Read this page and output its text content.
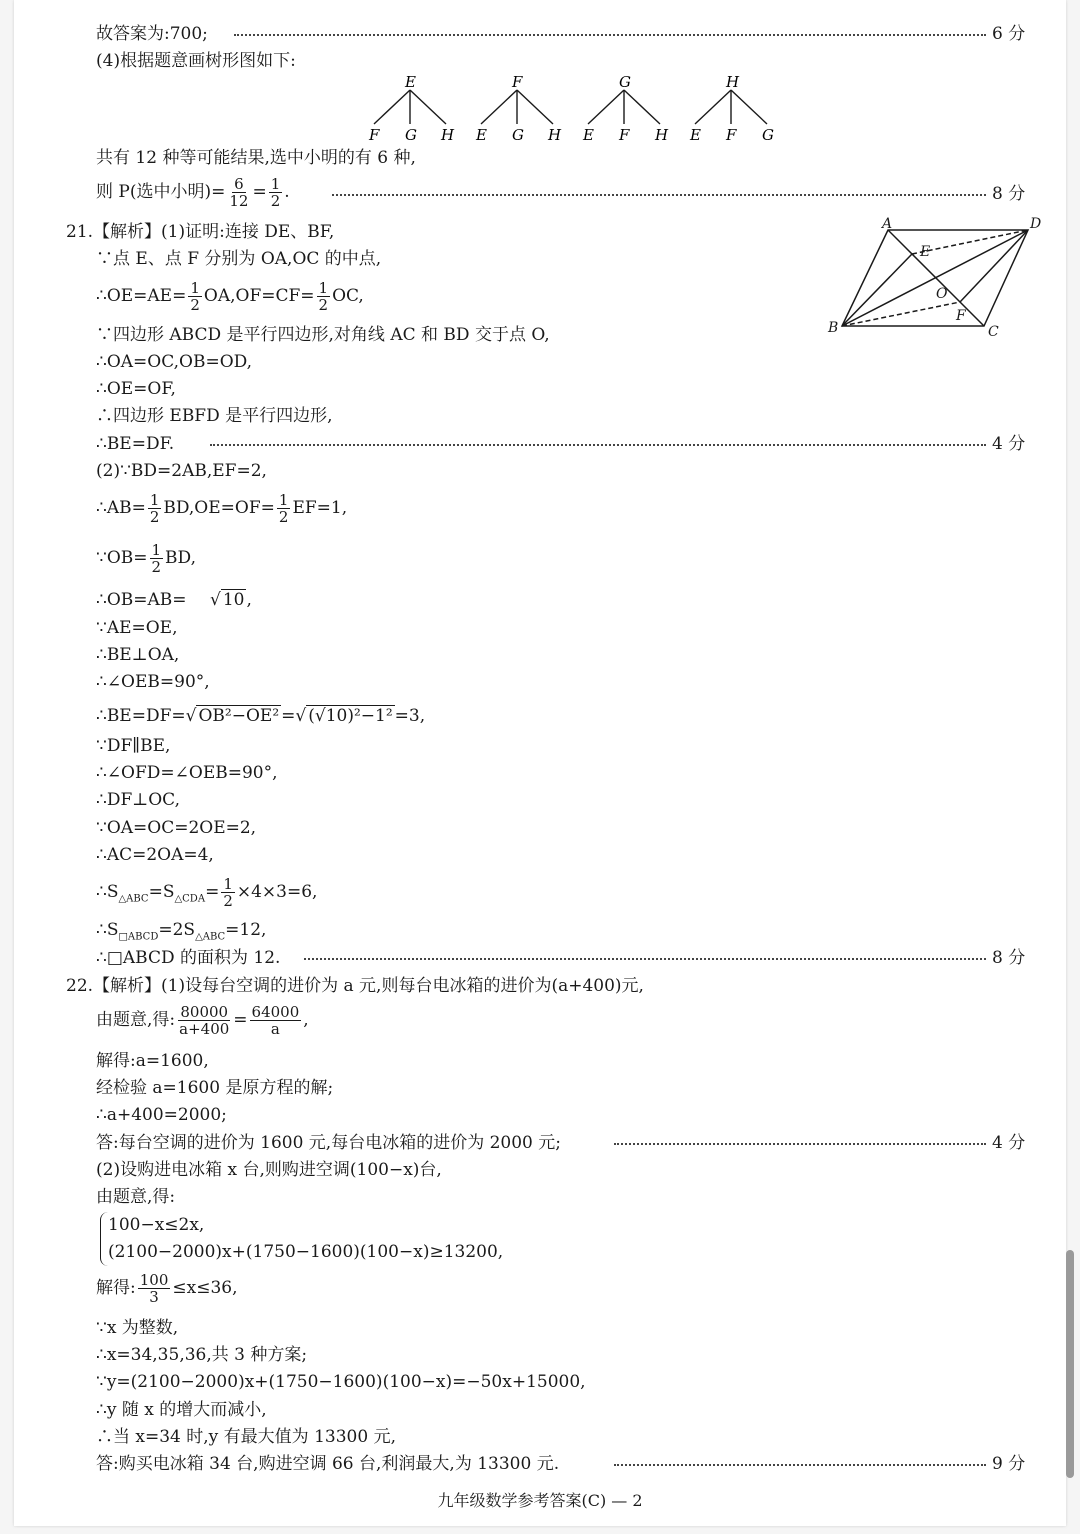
故答案为:700;
(4)根据题意画树形图如下:
共有 12 种等可能结果,选中小明的有 6 种,
21.【解析】(1)证明:连接 DE、BF,
∵点 E、点 F 分别为 OA,OC 的中点,
∵四边形 ABCD 是平行四边形,对角线 AC 和 BD 交于点 O,
∴OA=OC,OB=OD,
∴OE=OF,
∴四边形 EBFD 是平行四边形,
∴BE=DF.
(2)∵BD=2AB,EF=2,
∴OB=AB=
∵AE=OE,
∴BE⊥OA,
∴∠OEB=90°,
∵DF∥BE,
∴∠OFD=∠OEB=90°,
∴DF⊥OC,
∵OA=OC=2OE=2,
∴AC=2OA=4,
∴□ABCD 的面积为 12.
22.【解析】(1)设每台空调的进价为 a 元,则每台电冰箱的进价为(a+400)元,
解得:a=1600,
经检验 a=1600 是原方程的解;
∴a+400=2000;
答:每台空调的进价为 1600 元,每台电冰箱的进价为 2000 元;
(2)设购进电冰箱 x 台,则购进空调(100−x)台,
由题意,得:
100−x≤2x,
(2100−2000)x+(1750−1600)(100−x)≥13200,
∵x 为整数,
∴x=34,35,36,共 3 种方案;
∵y=(2100−2000)x+(1750−1600)(100−x)=−50x+15000,
∴y 随 x 的增大而减小,
∴当 x=34 时,y 有最大值为 13300 元,
答:购买电冰箱 34 台,购进空调 66 台,利润最大,为 13300 元.
6 分
8 分
4 分
8 分
4 分
9 分
E
F G H
F
E G H
G
E F H
H
E F G
则 P(选中小明)= $\frac{6}{12} = \frac{1}{2}$ .
∴OE=AE= $\frac{1}{2} OA,OF=CF= \frac{1}{2}$ OC,
∴AB= $\frac{1}{2} BD,OE=OF= \frac{1}{2} EF=1$,
∵OB= $\frac{1}{2}$ BD,
√ 10 ,
∴BE=DF=√ OB²−OE² =√ (√10)²−1² =3,
$\therefore S_{\triangle ABC}=S_{\triangle CDA}= \frac{1}{2} \times 4\times 3=6$,
$\therefore S_{□ABCD}=2S_{\triangle ABC}=12$,
由题意,得: $\frac{80000}{a+400} = \frac{64000}{a}$ ,
解得: $\frac{100}{3} \le x\le 36$,
A	D
E
O
F
B	C
九年级数学参考答案(C) — 2
